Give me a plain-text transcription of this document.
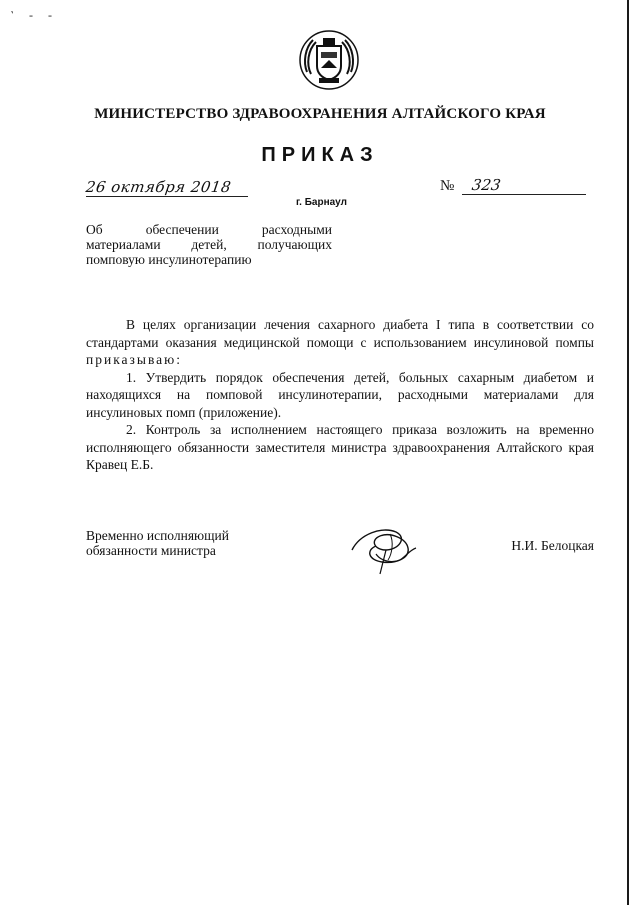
˺ - -
МИНИСТЕРСТВО ЗДРАВООХРАНЕНИЯ АЛТАЙСКОГО КРАЯ
ПРИКАЗ
26 октября 2018
г. Барнаул
№ 323
Об обеспечении расходными
материалами детей, получающих
помповую инсулинотерапию

В целях организации лечения сахарного диабета I типа в соответствии со стандартами оказания медицинской помощи с использованием инсулиновой помпы приказываю:

1. Утвердить порядок обеспечения детей, больных сахарным диабетом и находящихся на помповой инсулинотерапии, расходными материалами для инсулиновых помп (приложение).

2. Контроль за исполнением настоящего приказа возложить на временно исполняющего обязанности заместителя министра здравоохранения Алтайского края Кравец Е.Б.

Временно исполняющий
обязанности министра	Н.И. Белоцкая
